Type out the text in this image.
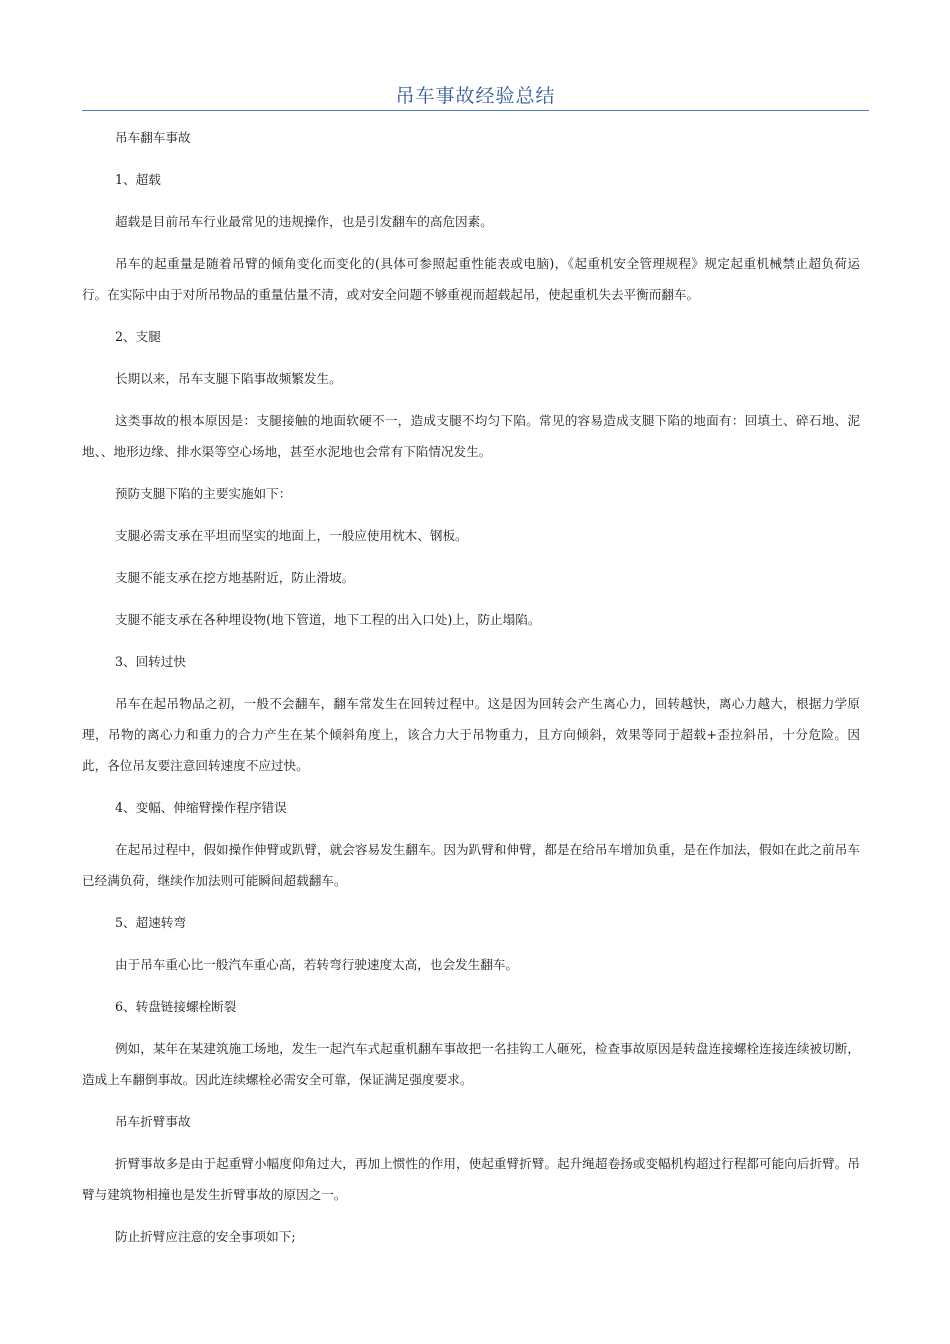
吊车事故经验总结

吊车翻车事故

1、超载

超载是目前吊车行业最常见的违规操作，也是引发翻车的高危因素。

吊车的起重量是随着吊臂的倾角变化而变化的(具体可参照起重性能表或电脑)，《起重机安全管理规程》规定起重机械禁止超负荷运行。在实际中由于对所吊物品的重量估量不清，或对安全问题不够重视而超载起吊，使起重机失去平衡而翻车。

2、支腿

长期以来，吊车支腿下陷事故频繁发生。

这类事故的根本原因是：支腿接触的地面软硬不一，造成支腿不均匀下陷。常见的容易造成支腿下陷的地面有：回填土、碎石地、泥地、、地形边缘、排水渠等空心场地，甚至水泥地也会常有下陷情况发生。

预防支腿下陷的主要实施如下：

支腿必需支承在平坦而坚实的地面上，一般应使用枕木、钢板。

支腿不能支承在挖方地基附近，防止滑坡。

支腿不能支承在各种埋设物(地下管道，地下工程的出入口处)上，防止塌陷。

3、回转过快

吊车在起吊物品之初，一般不会翻车，翻车常发生在回转过程中。这是因为回转会产生离心力，回转越快，离心力越大，根据力学原理，吊物的离心力和重力的合力产生在某个倾斜角度上，该合力大于吊物重力，且方向倾斜，效果等同于超载+歪拉斜吊，十分危险。因此，各位吊友要注意回转速度不应过快。

4、变幅、伸缩臂操作程序错误

在起吊过程中，假如操作伸臂或趴臂，就会容易发生翻车。因为趴臂和伸臂，都是在给吊车增加负重，是在作加法，假如在此之前吊车已经满负荷，继续作加法则可能瞬间超载翻车。

5、超速转弯

由于吊车重心比一般汽车重心高，若转弯行驶速度太高，也会发生翻车。

6、转盘链接螺栓断裂

例如，某年在某建筑施工场地，发生一起汽车式起重机翻车事故把一名挂钩工人砸死，检查事故原因是转盘连接螺栓连接连续被切断，造成上车翻倒事故。因此连续螺栓必需安全可靠，保证满足强度要求。

吊车折臂事故

折臂事故多是由于起重臂小幅度仰角过大，再加上惯性的作用，使起重臂折臂。起升绳超卷扬或变幅机构超过行程都可能向后折臂。吊臂与建筑物相撞也是发生折臂事故的原因之一。

防止折臂应注意的安全事项如下;
